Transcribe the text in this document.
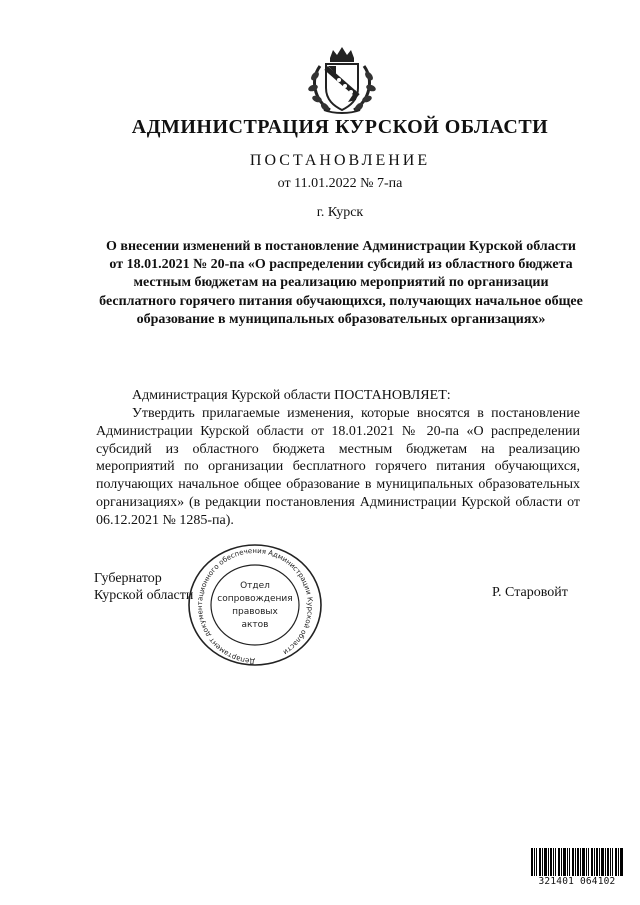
АДМИНИСТРАЦИЯ КУРСКОЙ ОБЛАСТИ
ПОСТАНОВЛЕНИЕ
от 11.01.2022 № 7-па
г. Курск
О внесении изменений в постановление Администрации Курской области от 18.01.2021 № 20-па «О распределении субсидий из областного бюджета местным бюджетам на реализацию мероприятий по организации бесплатного горячего питания обучающихся, получающих начальное общее образование в муниципальных образовательных организациях»
Администрация Курской области ПОСТАНОВЛЯЕТ:
Утвердить прилагаемые изменения, которые вносятся в постановление Администрации Курской области от 18.01.2021 № 20-па «О распределении субсидий из областного бюджета местным бюджетам на реализацию мероприятий по организации бесплатного горячего питания обучающихся, получающих начальное общее образование в муниципальных образовательных организациях» (в редакции постановления Администрации Курской области от 06.12.2021 № 1285-па).
Губернатор
Курской области	Р. Старовойт
Департамент документационного обеспечения Администрации Курской области
Отдел
сопровождения
правовых
актов
321401 064102
